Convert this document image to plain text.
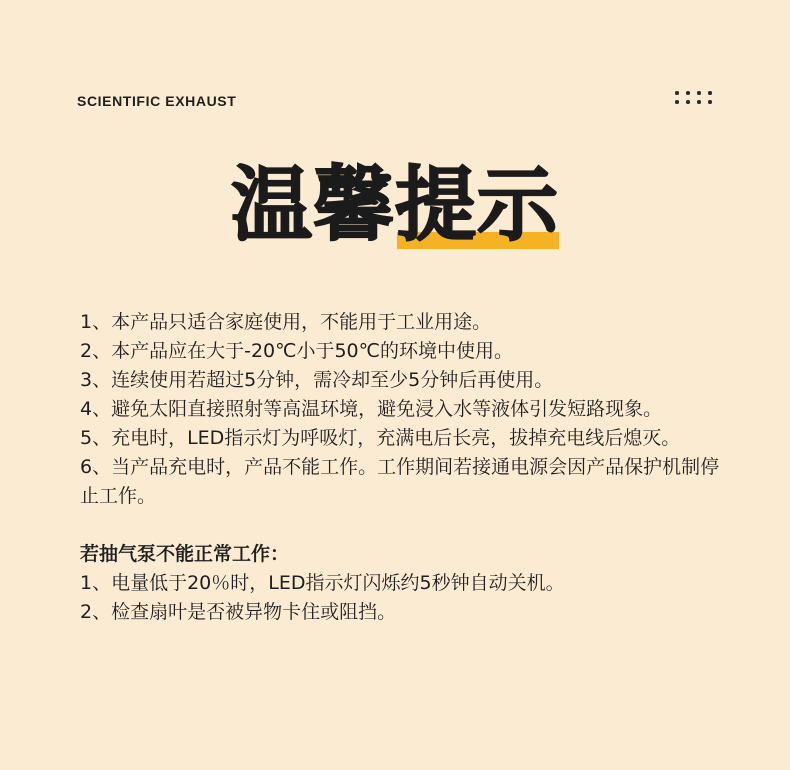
SCIENTIFIC EXHAUST
温馨提示

1、本产品只适合家庭使用，不能用于工业用途。

2、本产品应在大于-20℃小于50℃的环境中使用。

3、连续使用若超过5分钟，需冷却至少5分钟后再使用。

4、避免太阳直接照射等高温环境，避免浸入水等液体引发短路现象。

5、充电时，LED指示灯为呼吸灯，充满电后长亮，拔掉充电线后熄灭。

6、当产品充电时，产品不能工作。工作期间若接通电源会因产品保护机制停止工作。

若抽气泵不能正常工作：

1、电量低于20％时，LED指示灯闪烁约5秒钟自动关机。

2、检查扇叶是否被异物卡住或阻挡。
